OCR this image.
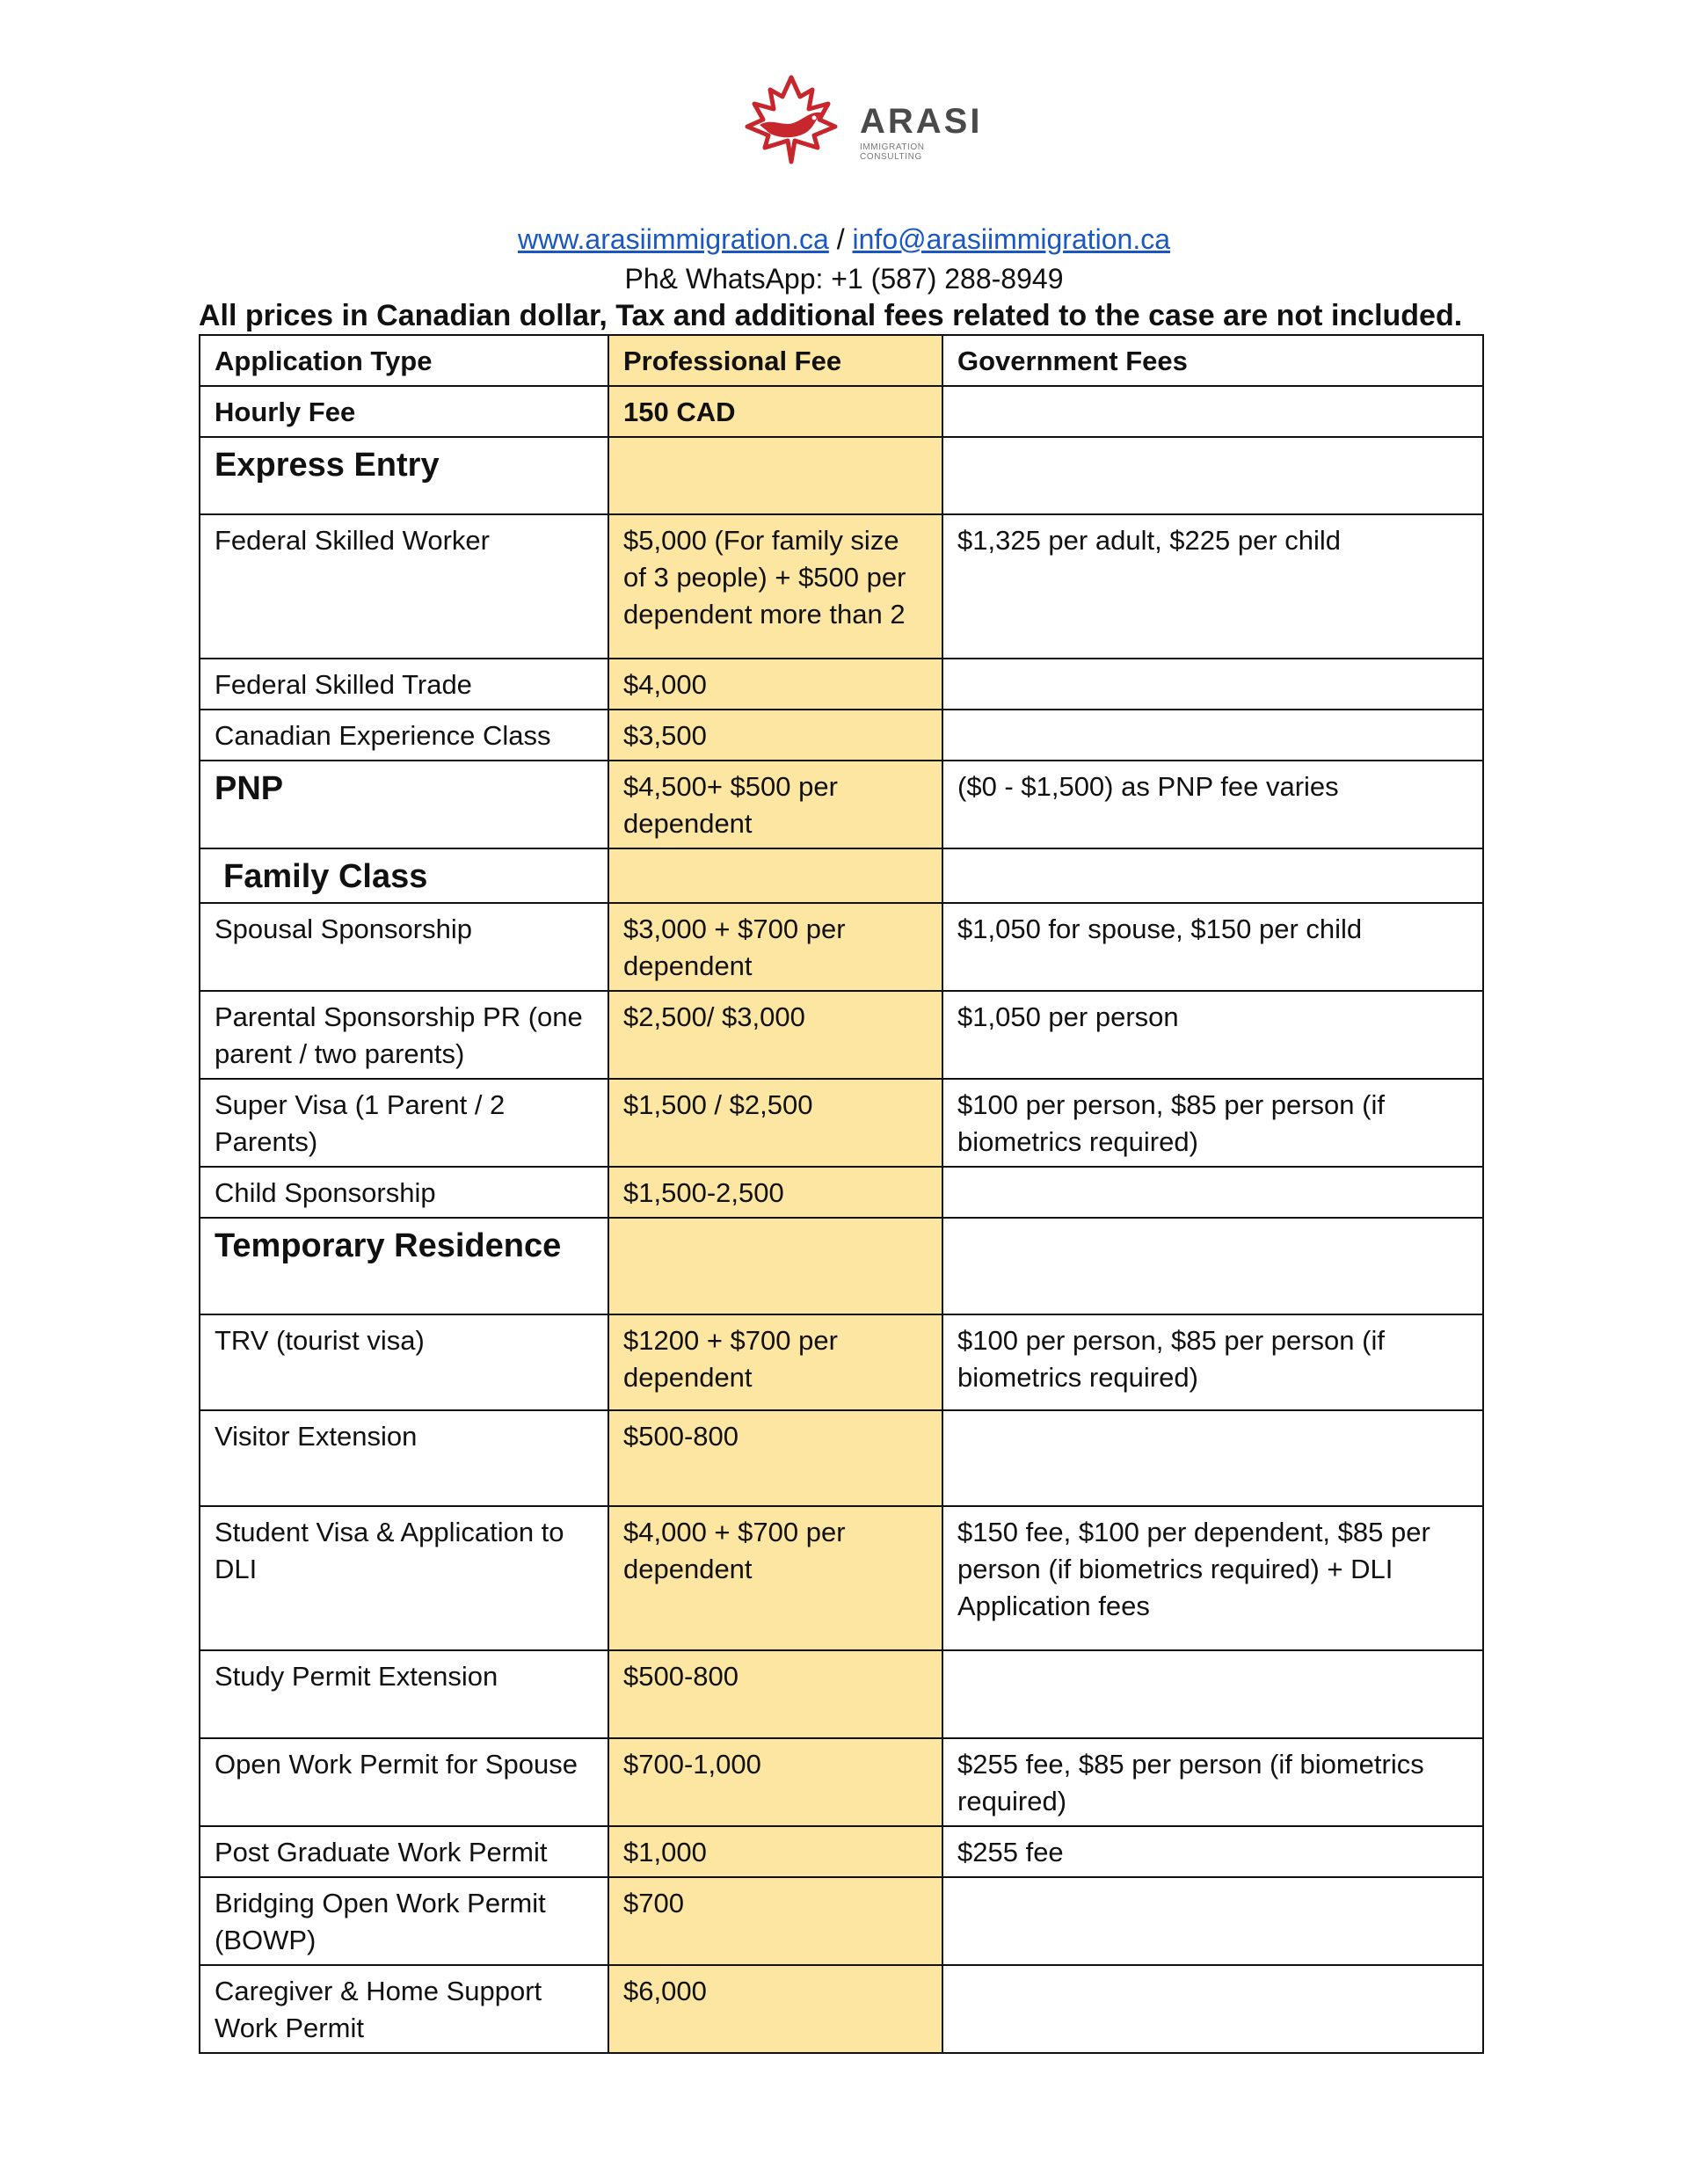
ARASI
IMMIGRATION CONSULTING
www.arasiimmigration.ca / info@arasiimmigration.ca
Ph& WhatsApp: +1 (587) 288-8949
All prices in Canadian dollar, Tax and additional fees related to the case are not included.
Application Type	Professional Fee	Government Fees
Hourly Fee	150 CAD	
Express Entry		
Federal Skilled Worker	$5,000 (For family size of 3 people) + $500 per dependent more than 2	$1,325 per adult, $225 per child
Federal Skilled Trade	$4,000	
Canadian Experience Class	$3,500	
PNP	$4,500+ $500 per dependent	($0 - $1,500) as PNP fee varies
Family Class		
Spousal Sponsorship	$3,000 + $700 per dependent	$1,050 for spouse, $150 per child
Parental Sponsorship PR (one parent / two parents)	$2,500/ $3,000	$1,050 per person
Super Visa (1 Parent / 2 Parents)	$1,500 / $2,500	$100 per person, $85 per person (if biometrics required)
Child Sponsorship	$1,500-2,500	
Temporary Residence		
TRV (tourist visa)	$1200 + $700 per dependent	$100 per person, $85 per person (if biometrics required)
Visitor Extension	$500-800	
Student Visa & Application to DLI	$4,000 + $700 per dependent	$150 fee, $100 per dependent, $85 per person (if biometrics required) + DLI Application fees
Study Permit Extension	$500-800	
Open Work Permit for Spouse	$700-1,000	$255 fee, $85 per person (if biometrics required)
Post Graduate Work Permit	$1,000	$255 fee
Bridging Open Work Permit (BOWP)	$700	
Caregiver & Home Support Work Permit	$6,000	
